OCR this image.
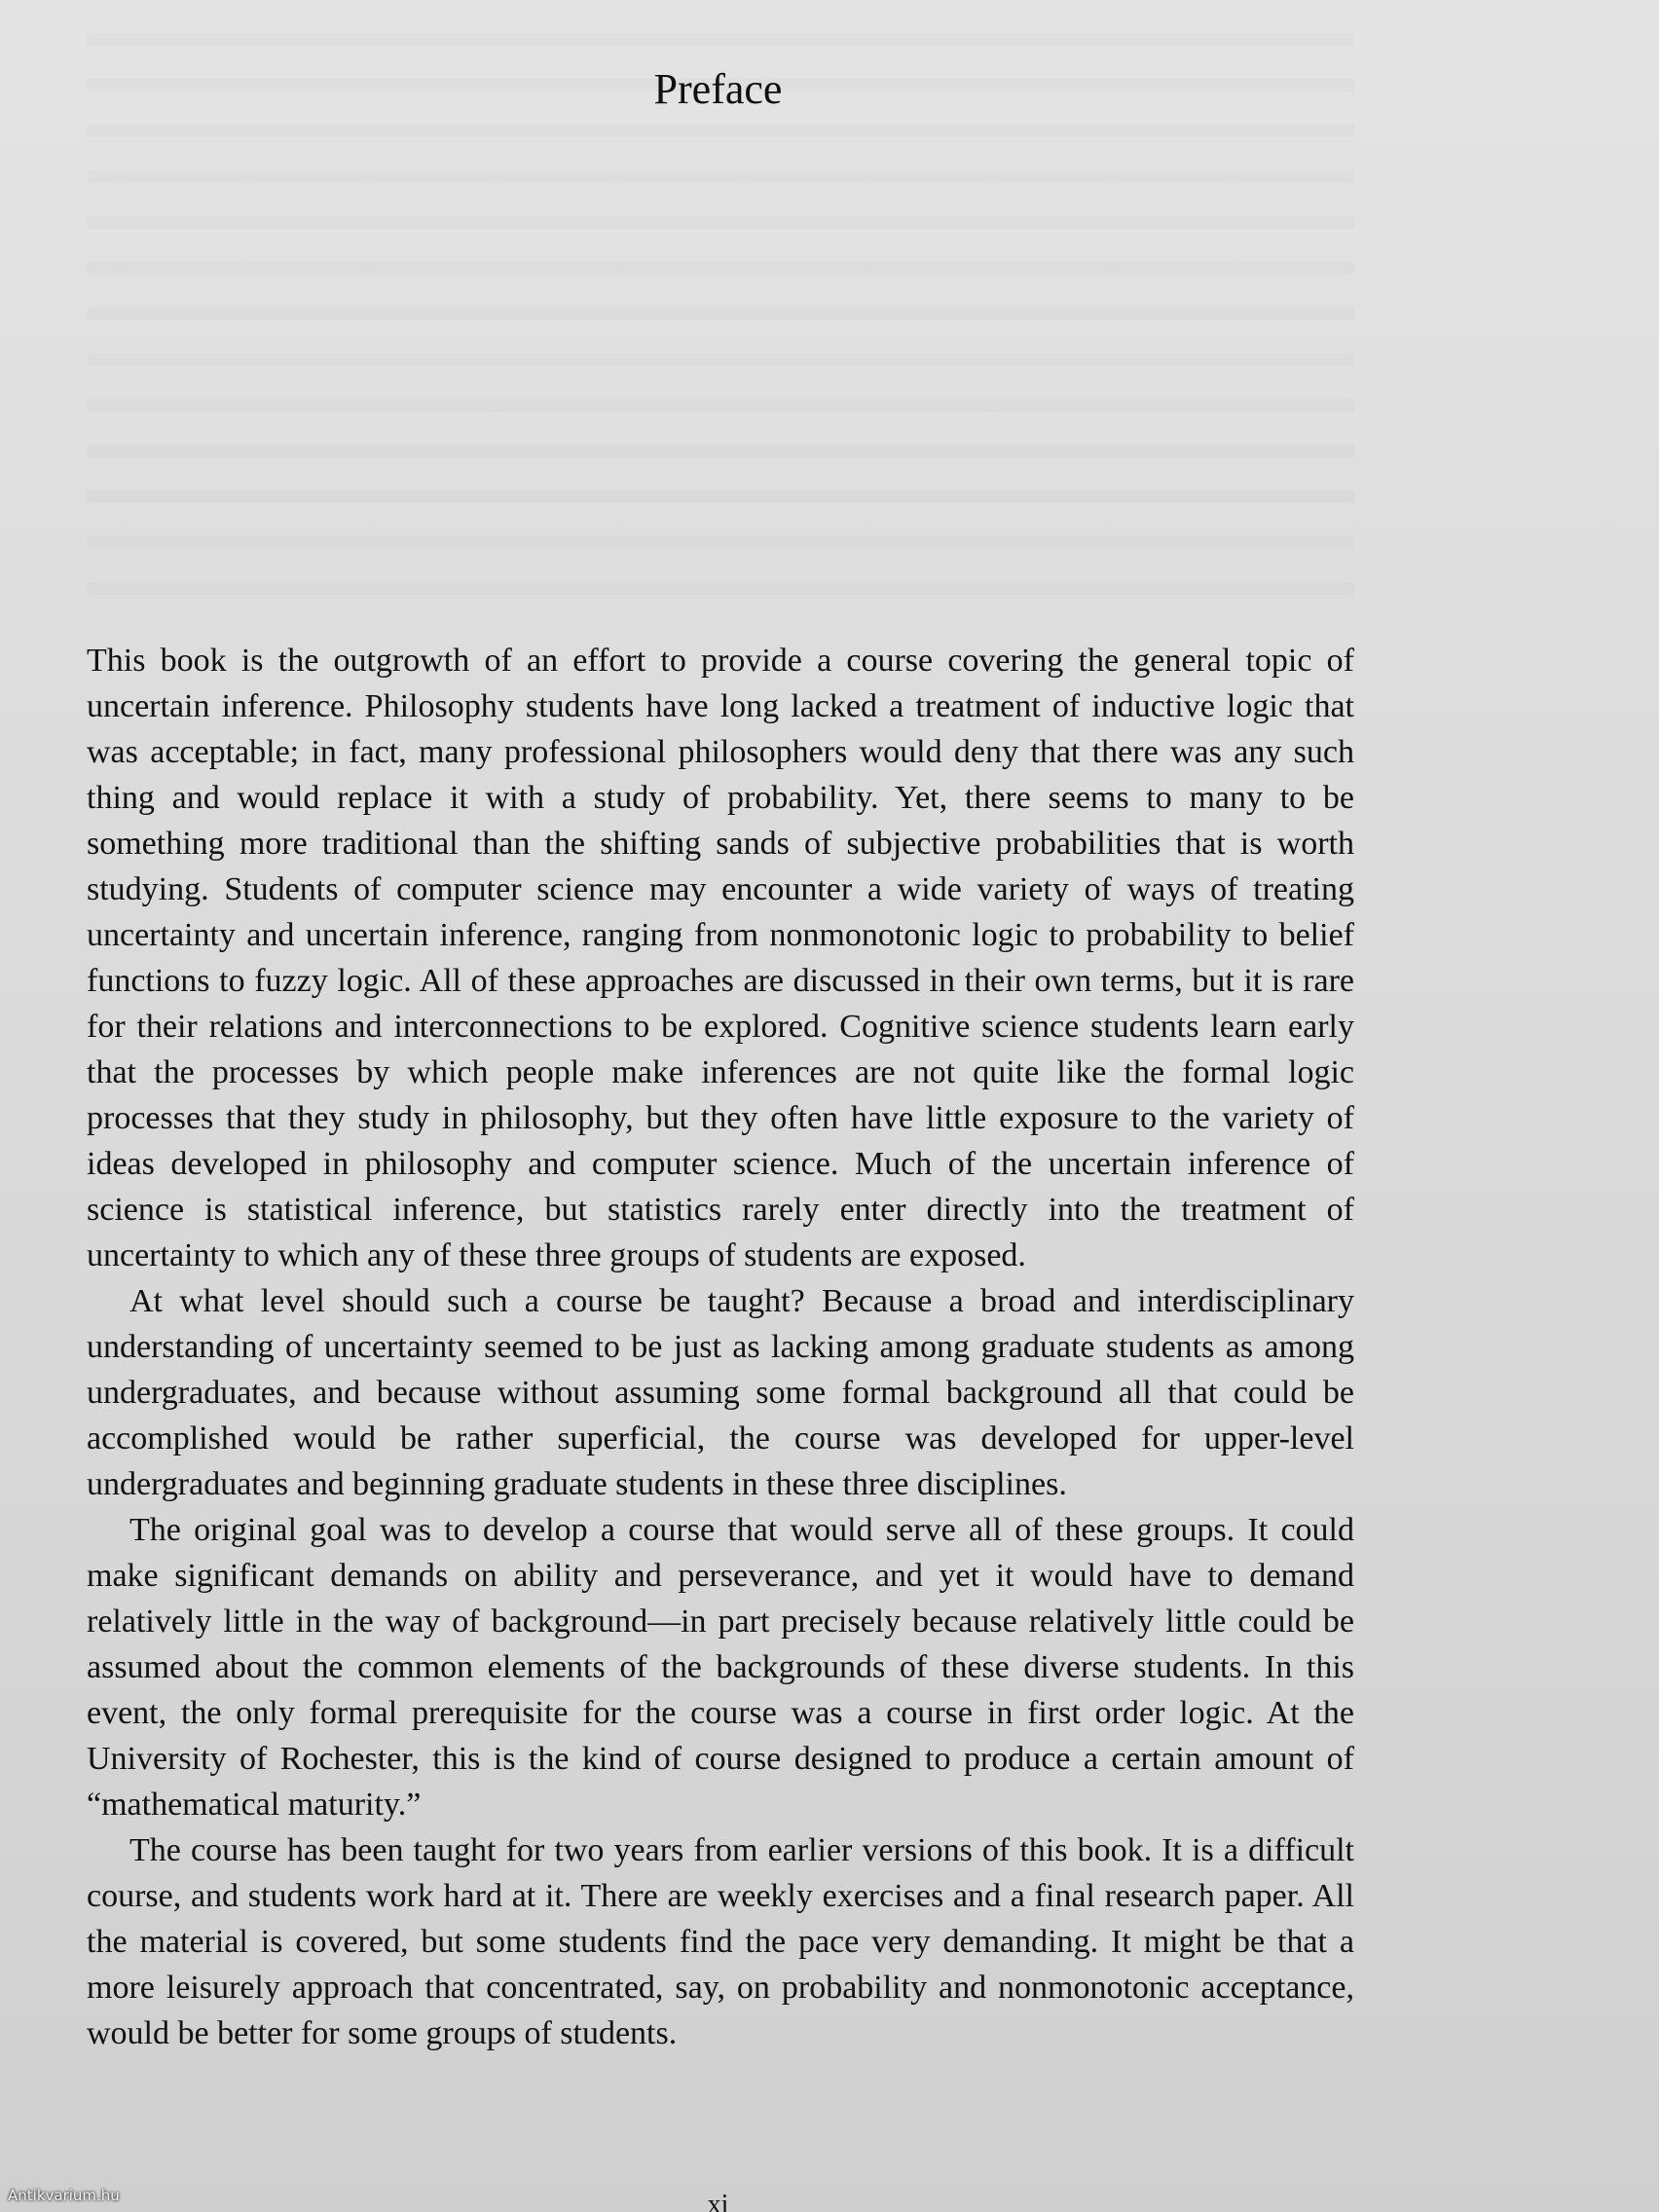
Preface

This book is the outgrowth of an effort to provide a course covering the general topic of uncertain inference. Philosophy students have long lacked a treatment of inductive logic that was acceptable; in fact, many professional philosophers would deny that there was any such thing and would replace it with a study of probability. Yet, there seems to many to be something more traditional than the shifting sands of subjective probabilities that is worth studying. Students of computer science may encounter a wide variety of ways of treating uncertainty and uncertain inference, ranging from nonmonotonic logic to probability to belief functions to fuzzy logic. All of these approaches are discussed in their own terms, but it is rare for their relations and interconnections to be explored. Cognitive science students learn early that the processes by which people make inferences are not quite like the formal logic processes that they study in philosophy, but they often have little exposure to the variety of ideas developed in philosophy and computer science. Much of the uncertain inference of science is statistical inference, but statistics rarely enter directly into the treatment of uncertainty to which any of these three groups of students are exposed.

At what level should such a course be taught? Because a broad and interdisciplinary understanding of uncertainty seemed to be just as lacking among graduate students as among undergraduates, and because without assuming some formal background all that could be accomplished would be rather superficial, the course was developed for upper-level undergraduates and beginning graduate students in these three disciplines.

The original goal was to develop a course that would serve all of these groups. It could make significant demands on ability and perseverance, and yet it would have to demand relatively little in the way of background—in part precisely because relatively little could be assumed about the common elements of the backgrounds of these diverse students. In this event, the only formal prerequisite for the course was a course in first order logic. At the University of Rochester, this is the kind of course designed to produce a certain amount of “mathematical maturity.”

The course has been taught for two years from earlier versions of this book. It is a difficult course, and students work hard at it. There are weekly exercises and a final research paper. All the material is covered, but some students find the pace very demanding. It might be that a more leisurely approach that concentrated, say, on probability and nonmonotonic acceptance, would be better for some groups of students.

xi
Antikvarium.hu
